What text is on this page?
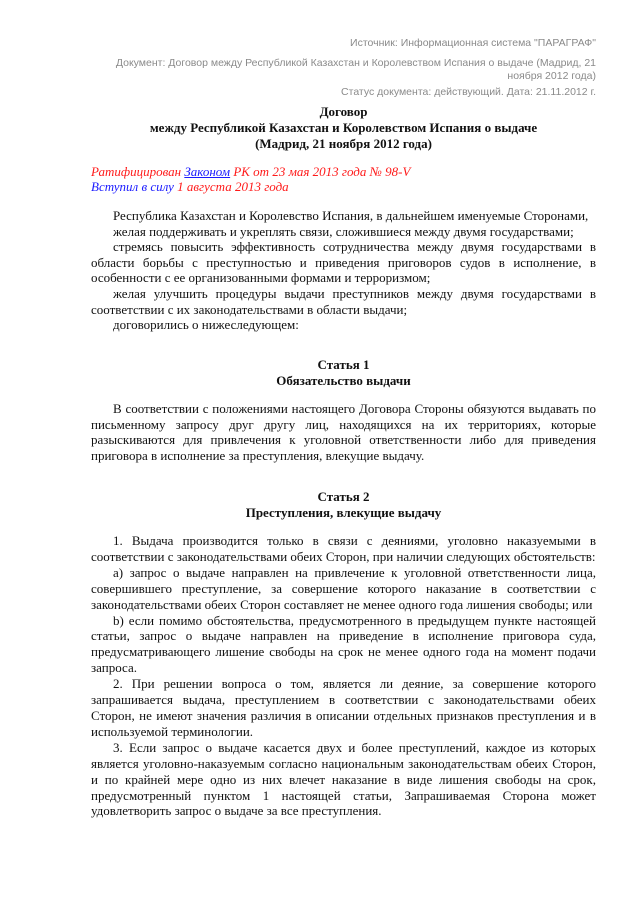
Источник: Информационная система "ПАРАГРАФ"
Документ: Договор между Республикой Казахстан и Королевством Испания о выдаче (Мадрид, 21 ноября 2012 года)
Статус документа: действующий. Дата: 21.11.2012 г.
Договор
между Республикой Казахстан и Королевством Испания о выдаче
(Мадрид, 21 ноября 2012 года)

Ратифицирован Законом РК от 23 мая 2013 года № 98-V

Вступил в силу 1 августа 2013 года

Республика Казахстан и Королевство Испания, в дальнейшем именуемые Сторонами,

желая поддерживать и укреплять связи, сложившиеся между двумя государствами;

стремясь повысить эффективность сотрудничества между двумя государствами в области борьбы с преступностью и приведения приговоров судов в исполнение, в особенности с ее организованными формами и терроризмом;

желая улучшить процедуры выдачи преступников между двумя государствами в соответствии с их законодательствами в области выдачи;

договорились о нижеследующем:

Статья 1
Обязательство выдачи

В соответствии с положениями настоящего Договора Стороны обязуются выдавать по письменному запросу друг другу лиц, находящихся на их территориях, которые разыскиваются для привлечения к уголовной ответственности либо для приведения приговора в исполнение за преступления, влекущие выдачу.

Статья 2
Преступления, влекущие выдачу

1. Выдача производится только в связи с деяниями, уголовно наказуемыми в соответствии с законодательствами обеих Сторон, при наличии следующих обстоятельств:

a) запрос о выдаче направлен на привлечение к уголовной ответственности лица, совершившего преступление, за совершение которого наказание в соответствии с законодательствами обеих Сторон составляет не менее одного года лишения свободы; или

b) если помимо обстоятельства, предусмотренного в предыдущем пункте настоящей статьи, запрос о выдаче направлен на приведение в исполнение приговора суда, предусматривающего лишение свободы на срок не менее одного года на момент подачи запроса.

2. При решении вопроса о том, является ли деяние, за совершение которого запрашивается выдача, преступлением в соответствии с законодательствами обеих Сторон, не имеют значения различия в описании отдельных признаков преступления и в используемой терминологии.

3. Если запрос о выдаче касается двух и более преступлений, каждое из которых является уголовно-наказуемым согласно национальным законодательствам обеих Сторон, и по крайней мере одно из них влечет наказание в виде лишения свободы на срок, предусмотренный пунктом 1 настоящей статьи, Запрашиваемая Сторона может удовлетворить запрос о выдаче за все преступления.
